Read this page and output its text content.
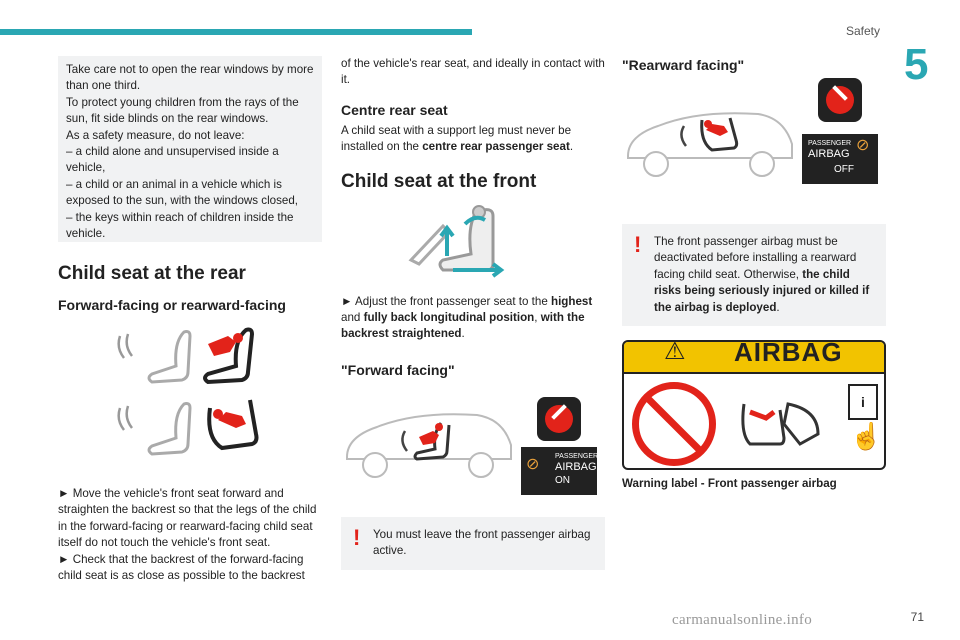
Safety
5
71
carmanualsonline.info

Take care not to open the rear windows by more than one third.

To protect young children from the rays of the sun, fit side blinds on the rear windows.

As a safety measure, do not leave:

– a child alone and unsupervised inside a vehicle,

– a child or an animal in a vehicle which is exposed to the sun, with the windows closed,

– the keys within reach of children inside the vehicle.

Child seat at the rear
Forward-facing or rearward-facing

► Move the vehicle's front seat forward and straighten the backrest so that the legs of the child in the forward-facing or rearward-facing child seat itself do not touch the vehicle's front seat.

► Check that the backrest of the forward-facing child seat is as close as possible to the backrest

of the vehicle's rear seat, and ideally in contact with it.

Centre rear seat

A child seat with a support leg must never be installed on the centre rear passenger seat.

Child seat at the front

► Adjust the front passenger seat to the highest and fully back longitudinal position, with the backrest straightened.

"Forward facing"
⊘ PASSENGER
AIRBAG
ON
! You must leave the front passenger airbag active.

"Rearward facing"
PASSENGER
AIRBAG
OFF
⊘
! The front passenger airbag must be deactivated before installing a rearward facing child seat. Otherwise, the child risks being seriously injured or killed if the airbag is deployed.

⚠ AIRBAG
i
☝

Warning label - Front passenger airbag
